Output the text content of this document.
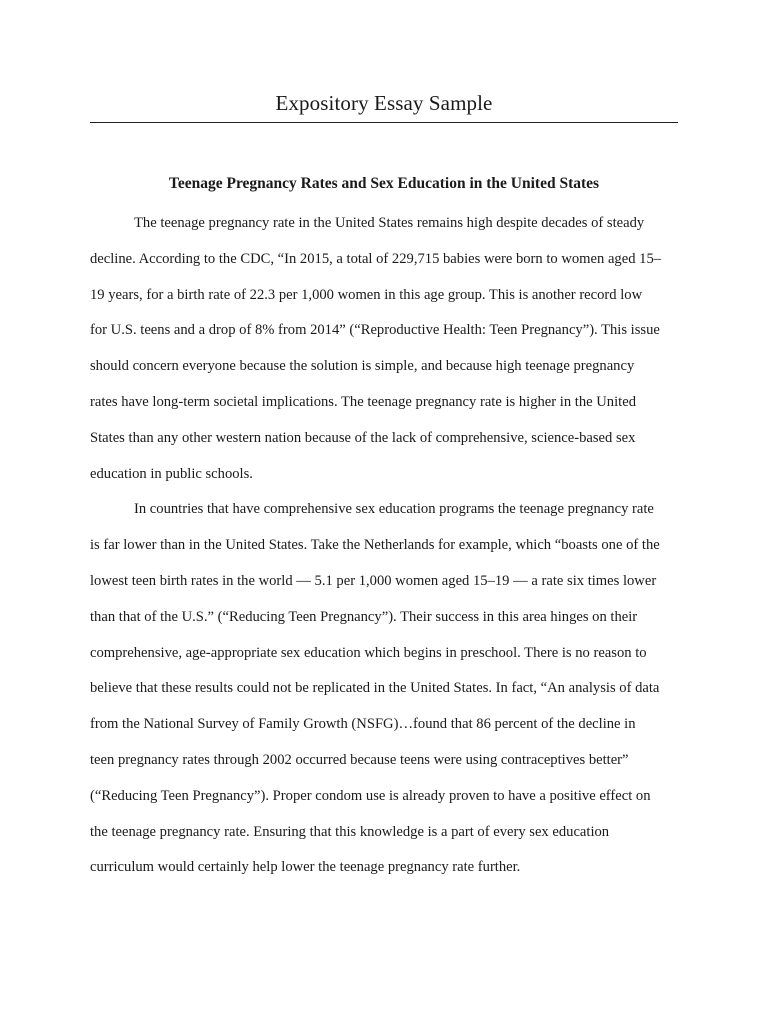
Expository Essay Sample
Teenage Pregnancy Rates and Sex Education in the United States

The teenage pregnancy rate in the United States remains high despite decades of steady decline. According to the CDC, “In 2015, a total of 229,715 babies were born to women aged 15–19 years, for a birth rate of 22.3 per 1,000 women in this age group. This is another record low for U.S. teens and a drop of 8% from 2014” (“Reproductive Health: Teen Pregnancy”). This issue should concern everyone because the solution is simple, and because high teenage pregnancy rates have long-term societal implications. The teenage pregnancy rate is higher in the United States than any other western nation because of the lack of comprehensive, science-based sex education in public schools.

In countries that have comprehensive sex education programs the teenage pregnancy rate is far lower than in the United States. Take the Netherlands for example, which “boasts one of the lowest teen birth rates in the world — 5.1 per 1,000 women aged 15–19 — a rate six times lower than that of the U.S.” (“Reducing Teen Pregnancy”). Their success in this area hinges on their comprehensive, age-appropriate sex education which begins in preschool. There is no reason to believe that these results could not be replicated in the United States. In fact, “An analysis of data from the National Survey of Family Growth (NSFG)…found that 86 percent of the decline in teen pregnancy rates through 2002 occurred because teens were using contraceptives better” (“Reducing Teen Pregnancy”). Proper condom use is already proven to have a positive effect on the teenage pregnancy rate. Ensuring that this knowledge is a part of every sex education curriculum would certainly help lower the teenage pregnancy rate further.
